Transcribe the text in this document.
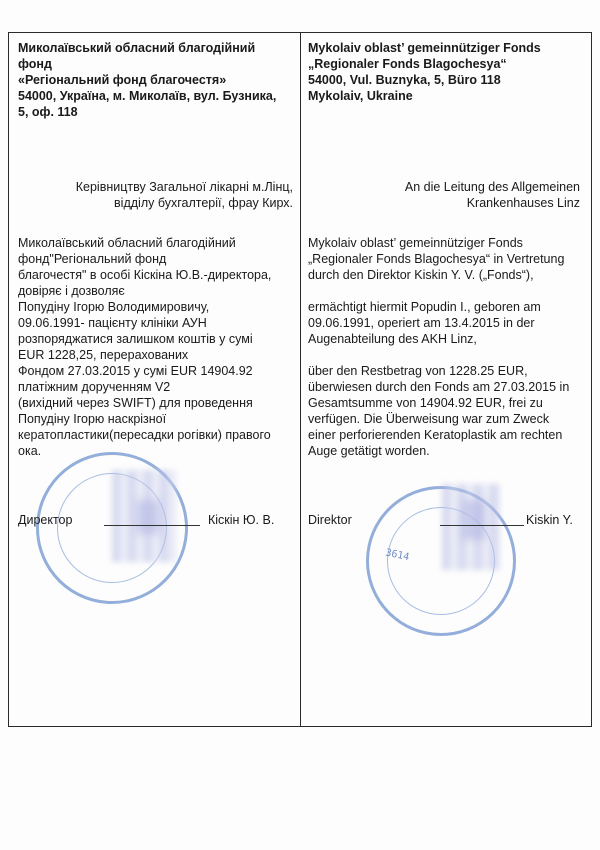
Миколаївський обласний благодійний
фонд
«Регіональний фонд благочестя»
54000, Україна, м. Миколаїв, вул. Бузника,
5, оф. 118
Керівництву Загальної лікарні м.Лінц,
відділу бухгалтерії, фрау Кирх.
Миколаївський обласний благодійний
фонд"Регіональний фонд
благочестя" в особі Кіскіна Ю.В.-директора,
довіряє і дозволяє
Попудіну Ігорю Володимировичу,
09.06.1991- пацієнту клініки АУН
розпоряджатися залишком коштів у сумі
EUR 1228,25, перерахованих
Фондом 27.03.2015 у сумі EUR 14904.92
платіжним дорученням V2
(вихідний через SWIFT) для проведення
Попудіну Ігорю наскрізної
кератопластики(пересадки рогівки) правого
ока.
Директор	Кіскін Ю. В.
Mykolaiv oblast’ gemeinnütziger Fonds
„Regionaler Fonds Blagochesya“
54000, Vul. Buznyka, 5, Büro 118
Mykolaiv, Ukraine
An die Leitung des Allgemeinen
Krankenhauses Linz
Mykolaiv oblast’ gemeinnütziger Fonds
„Regionaler Fonds Blagochesya“ in Vertretung
durch den Direktor Kiskin Y. V. („Fonds“),
ermächtigt hiermit Popudin I., geboren am
09.06.1991, operiert am 13.4.2015 in der
Augenabteilung des AKH Linz,
über den Restbetrag von 1228.25 EUR,
überwiesen durch den Fonds am 27.03.2015 in
Gesamtsumme von 14904.92 EUR, frei zu
verfügen. Die Überweisung war zum Zweck
einer perforierenden Keratoplastik am rechten
Auge getätigt worden.
3614
Direktor	Kiskin Y.
